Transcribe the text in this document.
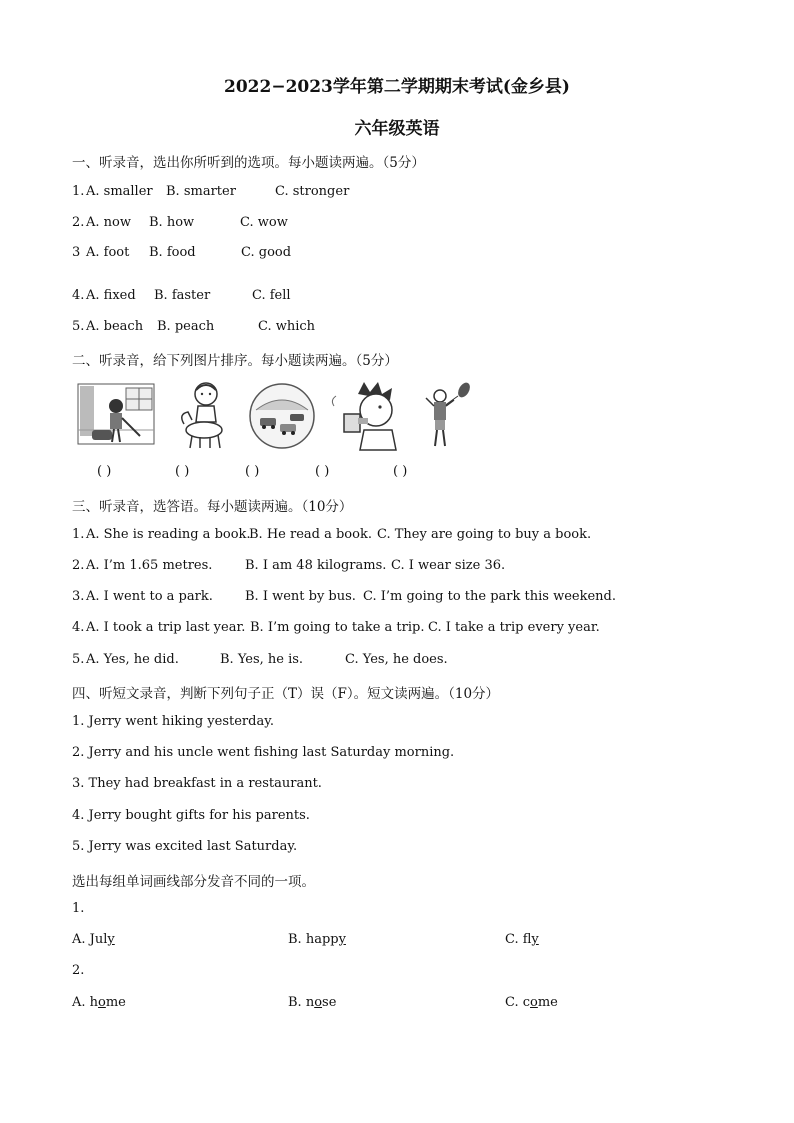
2022−2023学年第二学期期末考试(金乡县)
六年级英语
一、听录音，选出你所听到的选项。每小题读两遍。（5分）
1. A. smaller B. smarter	C. stronger
2. A. now B. how	C. wow
3 A. foot B. food	C. good
4. A. fixed B. faster	C. fell
5. A. beach B. peach	C. which
二、听录音，给下列图片排序。每小题读两遍。（5分）
( )	( )	( )	( )	( )
三、听录音，选答语。每小题读两遍。（10分）
1. A. She is reading a book.
B. He read a book. C. They are going to buy a book.
2. A. I’m 1.65 metres.	B. I am 48 kilograms. C. I wear size 36.
3. A. I went to a park. B. I went by bus. C. I’m going to the park this weekend.
4. A. I took a trip last year. B. I’m going to take a trip. C. I take a trip every year.
5. A. Yes, he did.	B. Yes, he is.	C. Yes, he does.
四、听短文录音，判断下列句子正（T）误（F）。短文读两遍。（10分）
1. Jerry went hiking yesterday.
2. Jerry and his uncle went fishing last Saturday morning.
3. They had breakfast in a restaurant.
4. Jerry bought gifts for his parents.
5. Jerry was excited last Saturday.
选出每组单词画线部分发音不同的一项。
1.
A. July	B. happy	C. fly
2.
A. home	B. nose	C. come
